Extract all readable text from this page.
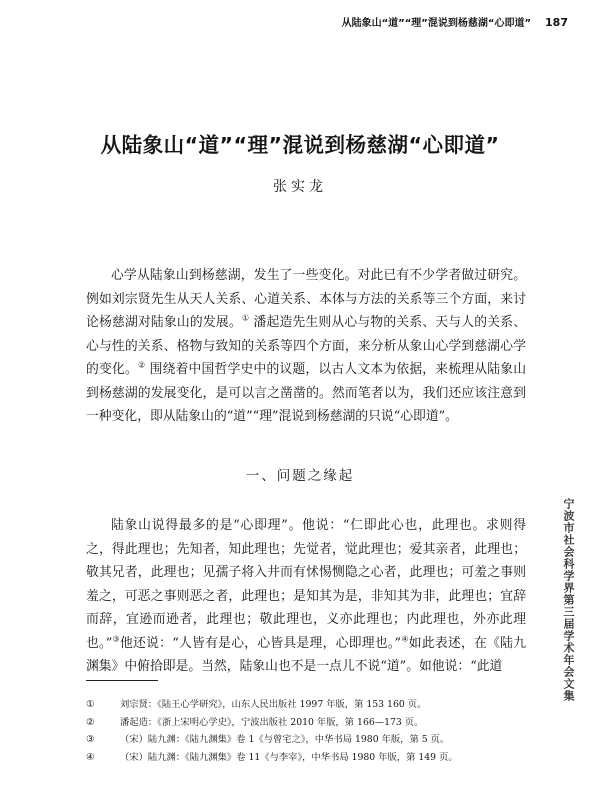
从陆象山“道”“理”混说到杨慈湖“心即道” 187
从陆象山“道”“理”混说到杨慈湖“心即道”
张实龙

心学从陆象山到杨慈湖，发生了一些变化。对此已有不少学者做过研究。例如刘宗贤先生从天人关系、心道关系、本体与方法的关系等三个方面，来讨论杨慈湖对陆象山的发展。① 潘起造先生则从心与物的关系、天与人的关系、心与性的关系、格物与致知的关系等四个方面，来分析从象山心学到慈湖心学的变化。② 围绕着中国哲学史中的议题，以古人文本为依据，来梳理从陆象山到杨慈湖的发展变化，是可以言之凿凿的。然而笔者以为，我们还应该注意到一种变化，即从陆象山的“道”“理”混说到杨慈湖的只说“心即道”。

一、问题之缘起

陆象山说得最多的是“心即理”。他说：“仁即此心也，此理也。求则得之，得此理也；先知者，知此理也；先觉者，觉此理也；爱其亲者，此理也；敬其兄者，此理也；见孺子将入井而有怵惕恻隐之心者，此理也；可羞之事则羞之，可恶之事则恶之者，此理也；是知其为是，非知其为非，此理也；宜辞而辞，宜逊而逊者，此理也；敬此理也，义亦此理也；内此理也，外亦此理也。”③他还说：“人皆有是心，心皆具是理，心即理也。”④如此表述，在《陆九渊集》中俯拾即是。当然，陆象山也不是一点儿不说“道”。如他说：“此道

①	刘宗贤：《陆王心学研究》，山东人民出版社 1997 年版，第 153 160 页。
②	潘起造：《浙上宋明心学史》，宁波出版社 2010 年版，第 166—173 页。
③	（宋）陆九渊：《陆九渊集》卷 1《与曾宅之》，中华书局 1980 年版，第 5 页。
④	（宋）陆九渊：《陆九渊集》卷 11《与李宰》，中华书局 1980 年版，第 149 页。
宁波市社会科学界第三届学术年会文集
